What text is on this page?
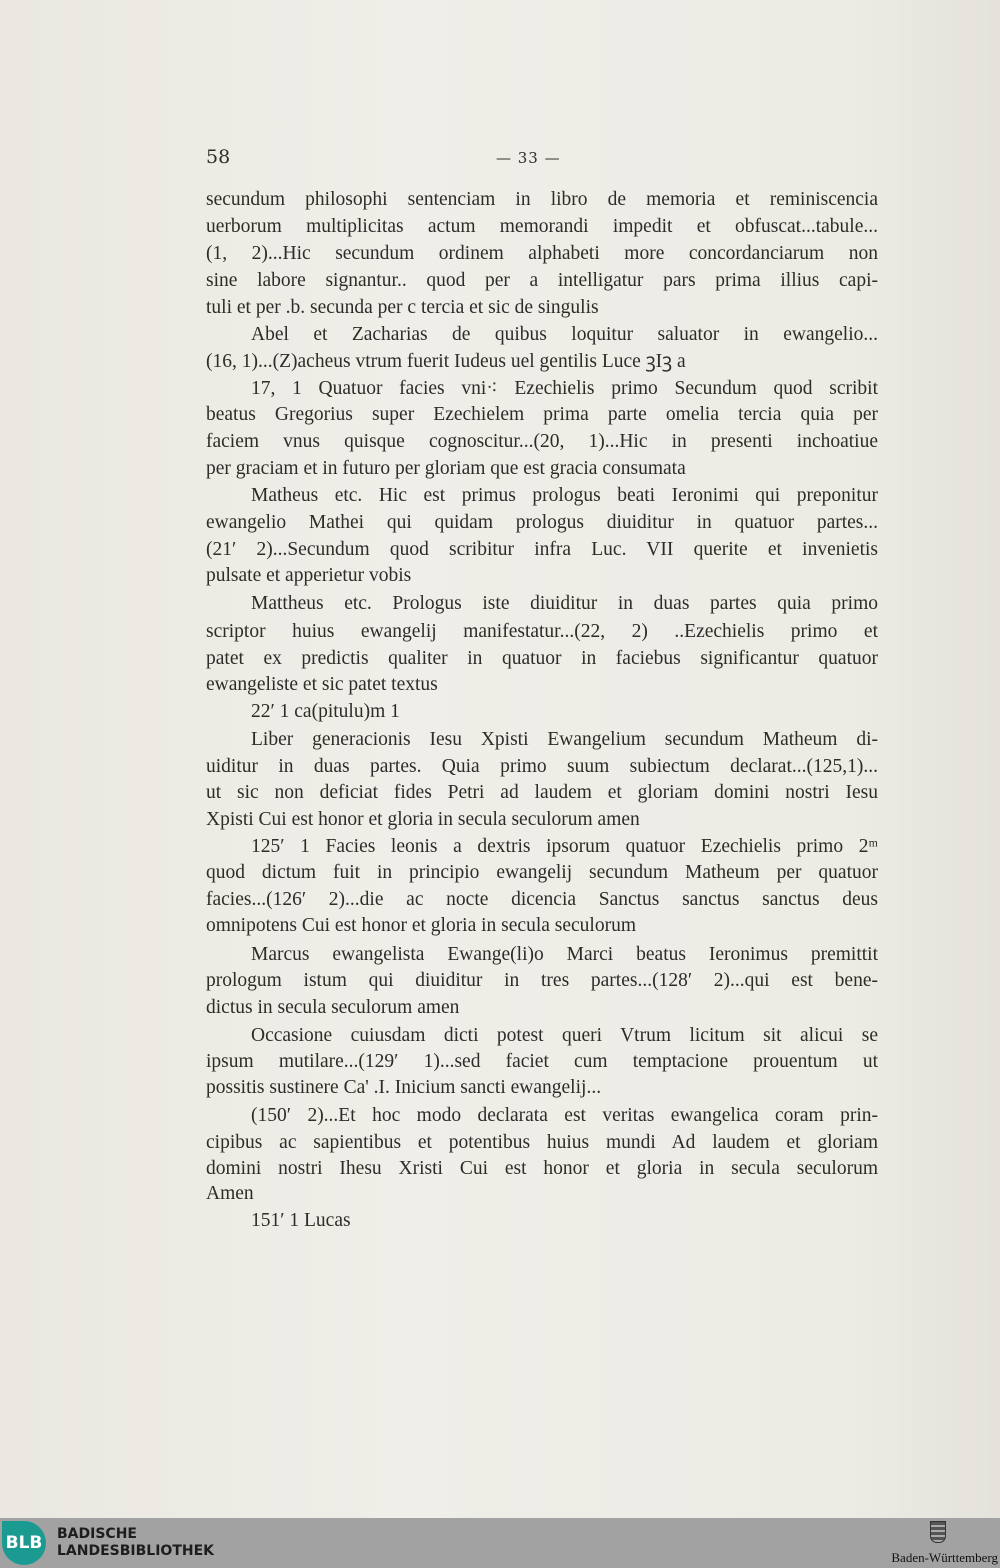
58	— 33 —
secundum philosophi sentenciam in libro de memoria et reminiscencia
uerborum multiplicitas actum memorandi impedit et obfuscat...tabule...
(1, 2)...Hic secundum ordinem alphabeti more concordanciarum non
sine labore signantur.. quod per a intelligatur pars prima illius capi-
tuli et per .b. secunda per c tercia et sic de singulis
Abel et Zacharias de quibus loquitur saluator in ewangelio...
(16, 1)...(Z)acheus vtrum fuerit Iudeus uel gentilis Luce ꝫIꝫ a
17, 1 Quatuor facies vni⁖ Ezechielis primo Secundum quod scribit
beatus Gregorius super Ezechielem prima parte omelia tercia quia per
faciem vnus quisque cognoscitur...(20, 1)...Hic in presenti inchoatiue
per graciam et in futuro per gloriam que est gracia consumata
Matheus etc. Hic est primus prologus beati Ieronimi qui preponitur
ewangelio Mathei qui quidam prologus diuiditur in quatuor partes...
(21′ 2)...Secundum quod scribitur infra Luc. VII querite et invenietis
pulsate et apperietur vobis
Mattheus etc. Prologus iste diuiditur in duas partes quia primo
scriptor huius ewangelij manifestatur...(22, 2) ..Ezechielis primo et
patet ex predictis qualiter in quatuor in faciebus significantur quatuor
ewangeliste et sic patet textus
22′ 1 ca(pitulu)m 1
Liber generacionis Iesu Xpisti Ewangelium secundum Matheum di-
uiditur in duas partes. Quia primo suum subiectum declarat...(125,1)...
ut sic non deficiat fides Petri ad laudem et gloriam domini nostri Iesu
Xpisti Cui est honor et gloria in secula seculorum amen
125′ 1 Facies leonis a dextris ipsorum quatuor Ezechielis primo 2ᵐ
quod dictum fuit in principio ewangelij secundum Matheum per quatuor
facies...(126′ 2)...die ac nocte dicencia Sanctus sanctus sanctus deus
omnipotens Cui est honor et gloria in secula seculorum
Marcus ewangelista Ewange(li)o Marci beatus Ieronimus premittit
prologum istum qui diuiditur in tres partes...(128′ 2)...qui est bene-
dictus in secula seculorum amen
Occasione cuiusdam dicti potest queri Vtrum licitum sit alicui se
ipsum mutilare...(129′ 1)...sed faciet cum temptacione prouentum ut
possitis sustinere Ca' .I. Inicium sancti ewangelij...
(150′ 2)...Et hoc modo declarata est veritas ewangelica coram prin-
cipibus ac sapientibus et potentibus huius mundi Ad laudem et gloriam
domini nostri Ihesu Xristi Cui est honor et gloria in secula seculorum
Amen
151′ 1 Lucas
BLB BADISCHE
LANDESBIBLIOTHEK	Baden-Württemberg
